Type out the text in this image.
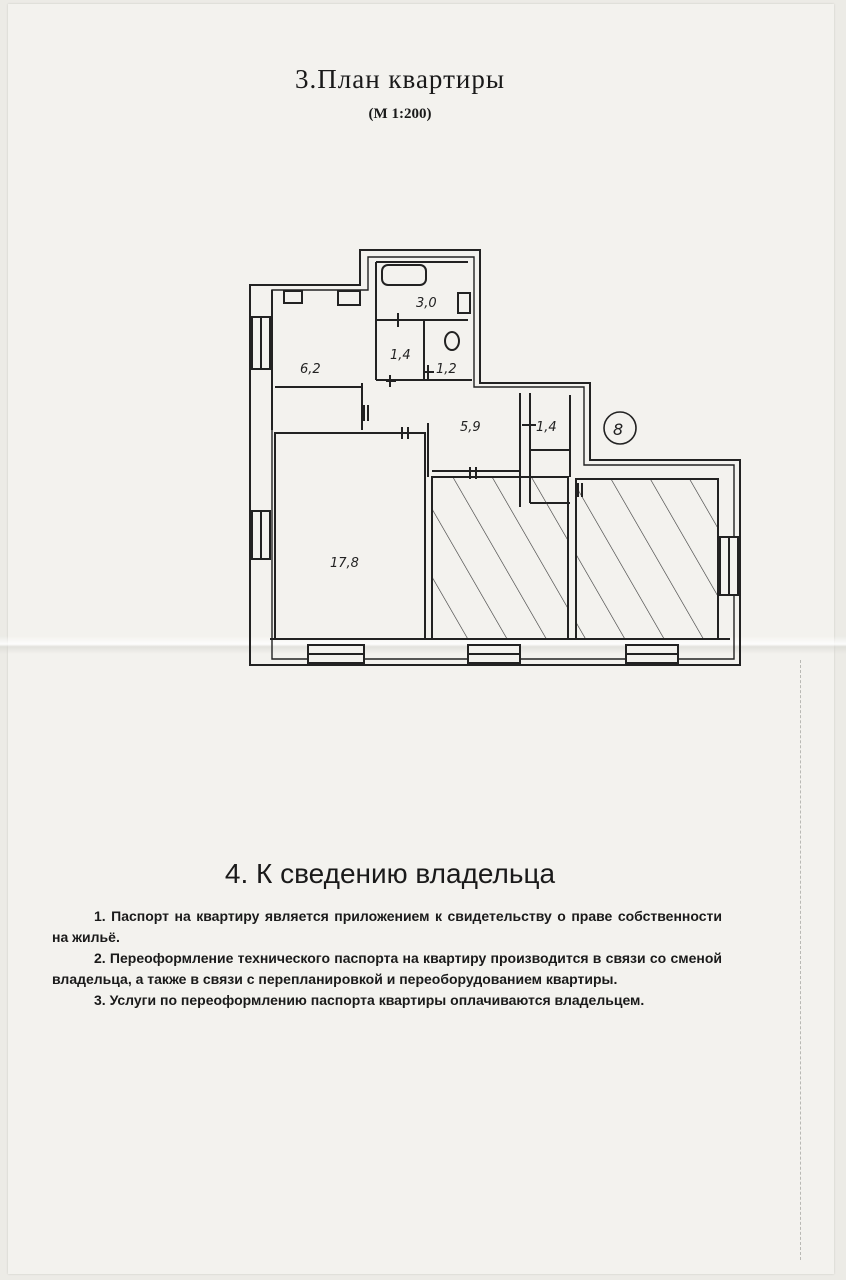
3.План квартиры
(М 1:200)
8
6,2
3,0
1,4
1,2
5,9	1,4
17,8
4. К сведению владельца

1. Паспорт на квартиру является приложением к свидетельству о праве собственности на жильё.

2. Переоформление технического паспорта на квартиру производится в связи со сменой владельца, а также в связи с перепланировкой и переоборудованием квартиры.

3. Услуги по переоформлению паспорта квартиры оплачиваются владельцем.
